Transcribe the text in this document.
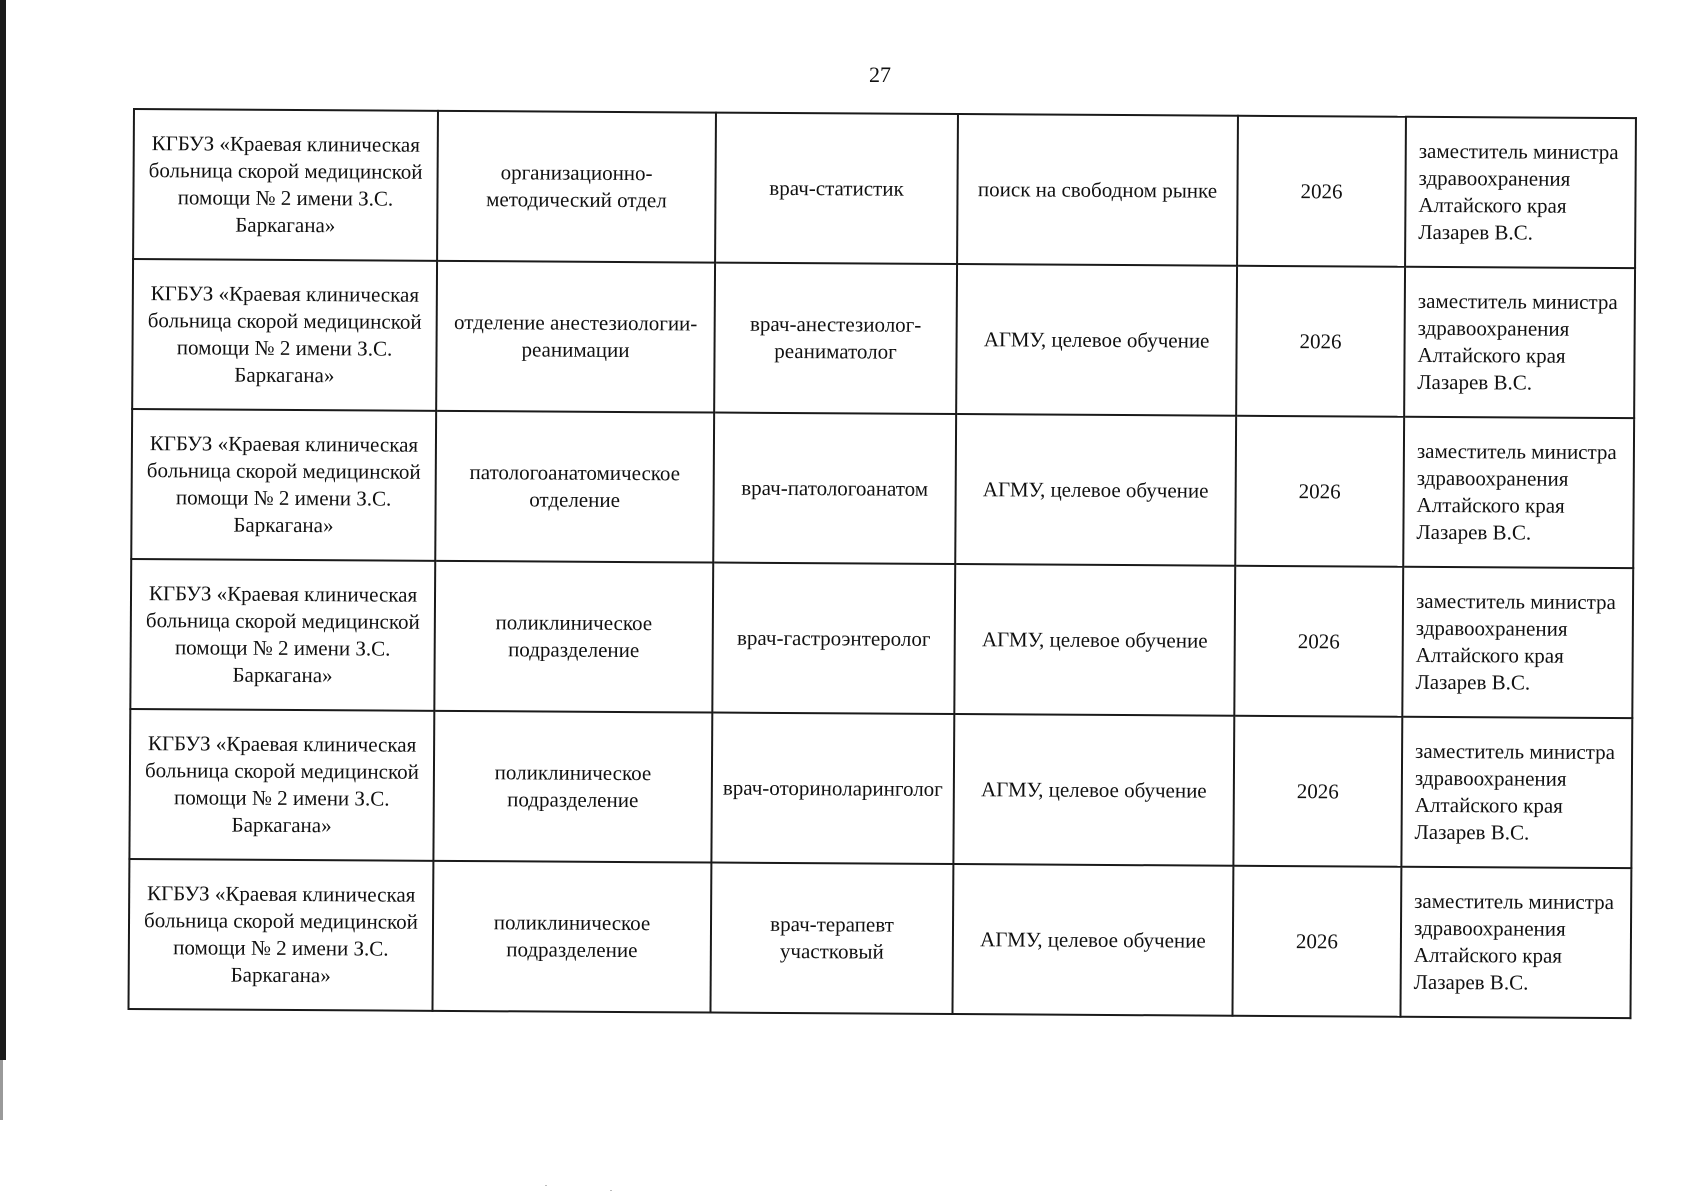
27
КГБУЗ «Краевая клиническая больница скорой медицинской помощи № 2 имени З.С. Баркагана»	организационно-методический отдел	врач-статистик	поиск на свободном рынке	2026	заместитель министра здравоохранения Алтайского края Лазарев В.С.
КГБУЗ «Краевая клиническая больница скорой медицинской помощи № 2 имени З.С. Баркагана»	отделение анестезиологии-реанимации	врач-анестезиолог-реаниматолог	АГМУ, целевое обучение	2026	заместитель министра здравоохранения Алтайского края Лазарев В.С.
КГБУЗ «Краевая клиническая больница скорой медицинской помощи № 2 имени З.С. Баркагана»	патологоанатомическое отделение	врач-патологоанатом	АГМУ, целевое обучение	2026	заместитель министра здравоохранения Алтайского края Лазарев В.С.
КГБУЗ «Краевая клиническая больница скорой медицинской помощи № 2 имени З.С. Баркагана»	поликлиническое подразделение	врач-гастроэнтеролог	АГМУ, целевое обучение	2026	заместитель министра здравоохранения Алтайского края Лазарев В.С.
КГБУЗ «Краевая клиническая больница скорой медицинской помощи № 2 имени З.С. Баркагана»	поликлиническое подразделение	врач-оториноларинголог	АГМУ, целевое обучение	2026	заместитель министра здравоохранения Алтайского края Лазарев В.С.
КГБУЗ «Краевая клиническая больница скорой медицинской помощи № 2 имени З.С. Баркагана»	поликлиническое подразделение	врач-терапевт участковый	АГМУ, целевое обучение	2026	заместитель министра здравоохранения Алтайского края Лазарев В.С.
